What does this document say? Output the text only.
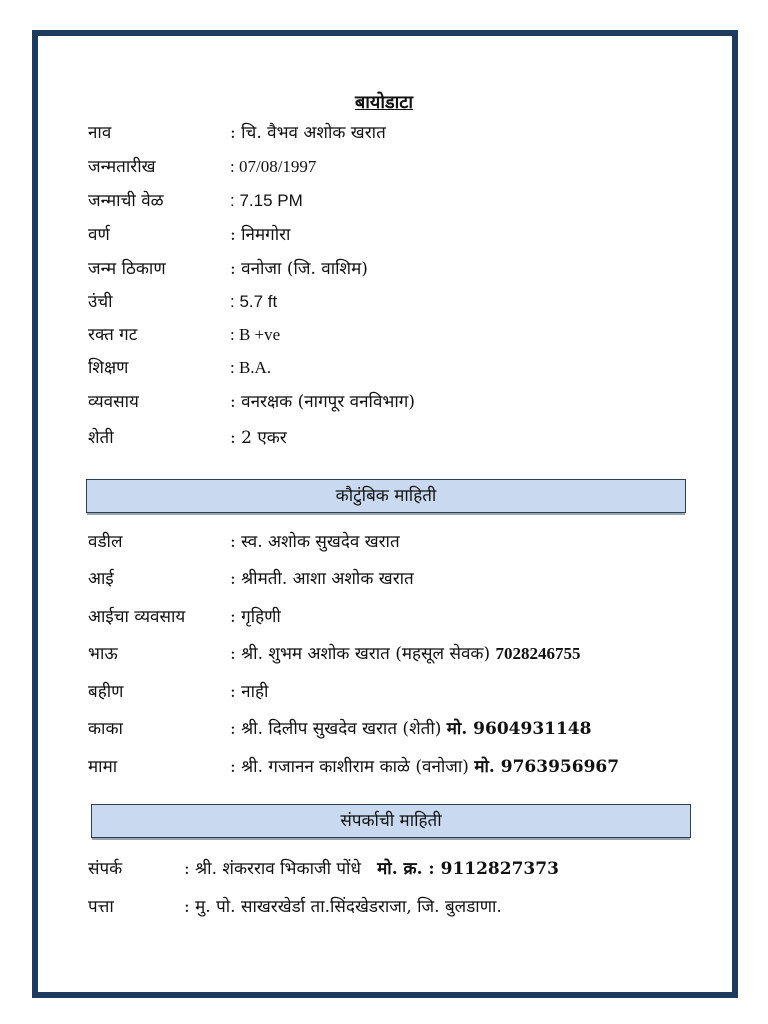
बायोडाटा
नाव	: चि. वैभव अशोक खरात
जन्मतारीख	: 07/08/1997
जन्माची वेळ	: 7.15 PM
वर्ण	: निमगोरा
जन्म ठिकाण	: वनोजा (जि. वाशिम)
उंची	: 5.7 ft
रक्त गट	: B +ve
शिक्षण	: B.A.
व्यवसाय	: वनरक्षक (नागपूर वनविभाग)
शेती	: 2 एकर
कौटुंबिक माहिती
वडील	: स्व. अशोक सुखदेव खरात
आई	: श्रीमती. आशा अशोक खरात
आईचा व्यवसाय	: गृहिणी
भाऊ	: श्री. शुभम अशोक खरात (महसूल सेवक) 7028246755
बहीण	: नाही
काका	: श्री. दिलीप सुखदेव खरात (शेती) मो. 9604931148
मामा	: श्री. गजानन काशीराम काळे (वनोजा) मो. 9763956967
संपर्काची माहिती
संपर्क	: श्री. शंकरराव भिकाजी पोंधे मो. क्र. : 9112827373
पत्ता	: मु. पो. साखरखेर्डा ता.सिंदखेडराजा, जि. बुलडाणा.
